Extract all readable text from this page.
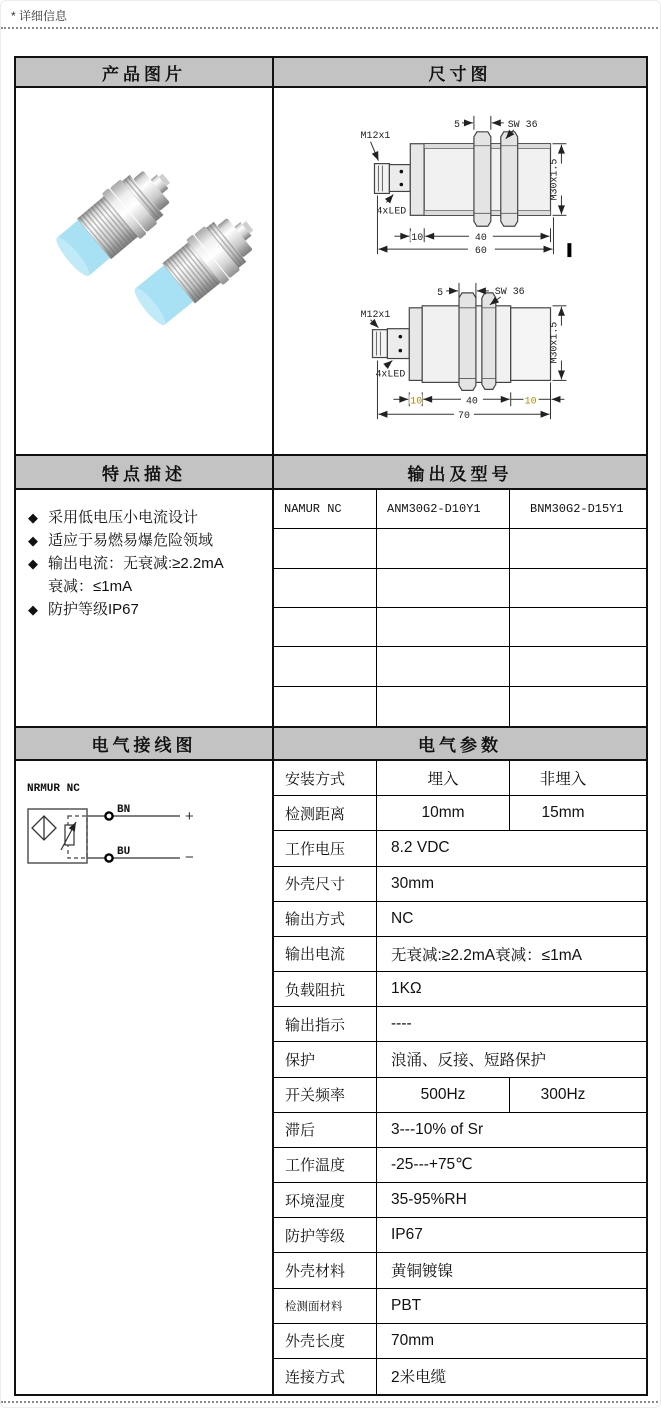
* 详细信息
产品图片	尺寸图
5	SW 36
M12x1
4xLED
M30x1.5
10	40
60
5	SW 36
M12x1
4xLED
M30x1.5
10	40	10
70
特点描述	输出及型号
◆ 采用低电压小电流设计
◆ 适应于易燃易爆危险领域
◆ 输出电流：无衰减:≥2.2mA
衰减：≤1mA
◆ 防护等级IP67
NAMUR NC	ANM30G2-D10Y1	BNM30G2-D15Y1
电气接线图	电气参数
NRMUR NC
BN
BU
+
−
安装方式	埋入	非埋入
检测距离	10mm	15mm
工作电压	8.2 VDC
外壳尺寸	30mm
输出方式	NC
输出电流	无衰减:≥2.2mA衰减：≤1mA
负载阻抗	1KΩ
输出指示	----
保护	浪涌、反接、短路保护
开关频率	500Hz	300Hz
滞后	3---10% of Sr
工作温度	-25---+75℃
环境湿度	35-95%RH
防护等级	IP67
外壳材料	黄铜镀镍
检测面材料	PBT
外壳长度	70mm
连接方式	2米电缆
